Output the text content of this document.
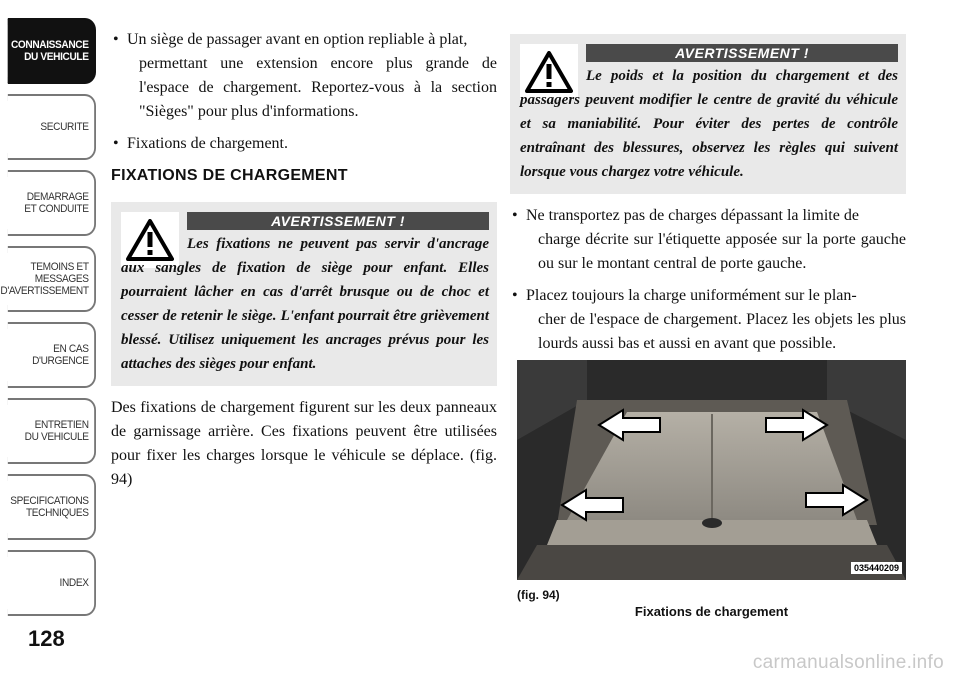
CONNAISSANCE
DU VEHICULE
SECURITE
DEMARRAGE
ET CONDUITE
TEMOINS ET
MESSAGES
D'AVERTISSEMENT
EN CAS
D'URGENCE
ENTRETIEN
DU VEHICULE
SPECIFICATIONS
TECHNIQUES
INDEX
128
• Un siège de passager avant en option repliable à plat,
permettant une extension encore plus grande de l'espace de chargement. Reportez-vous à la section "Sièges" pour plus d'informations.
• Fixations de chargement.
FIXATIONS DE CHARGEMENT
AVERTISSEMENT !
Les fixations ne peuvent pas servir d'ancrage aux sangles de fixation de siège pour enfant. Elles pourraient lâcher en cas d'arrêt brusque ou de choc et cesser de retenir le siège. L'enfant pourrait être grièvement blessé. Utilisez uniquement les ancrages prévus pour les attaches des sièges pour enfant.
Des fixations de chargement figurent sur les deux panneaux de garnissage arrière. Ces fixations peuvent être utilisées pour fixer les charges lorsque le véhicule se déplace. (fig. 94)
AVERTISSEMENT !
Le poids et la position du chargement et des passagers peuvent modifier le centre de gravité du véhicule et sa maniabilité. Pour éviter des pertes de contrôle entraînant des blessures, observez les règles qui suivent lorsque vous chargez votre véhicule.
• Ne transportez pas de charges dépassant la limite de
charge décrite sur l'étiquette apposée sur la porte gauche ou sur le montant central de porte gauche.
• Placez toujours la charge uniformément sur le plan-
cher de l'espace de chargement. Placez les objets les plus lourds aussi bas et aussi en avant que possible.
035440209
(fig. 94)
Fixations de chargement
carmanualsonline.info
